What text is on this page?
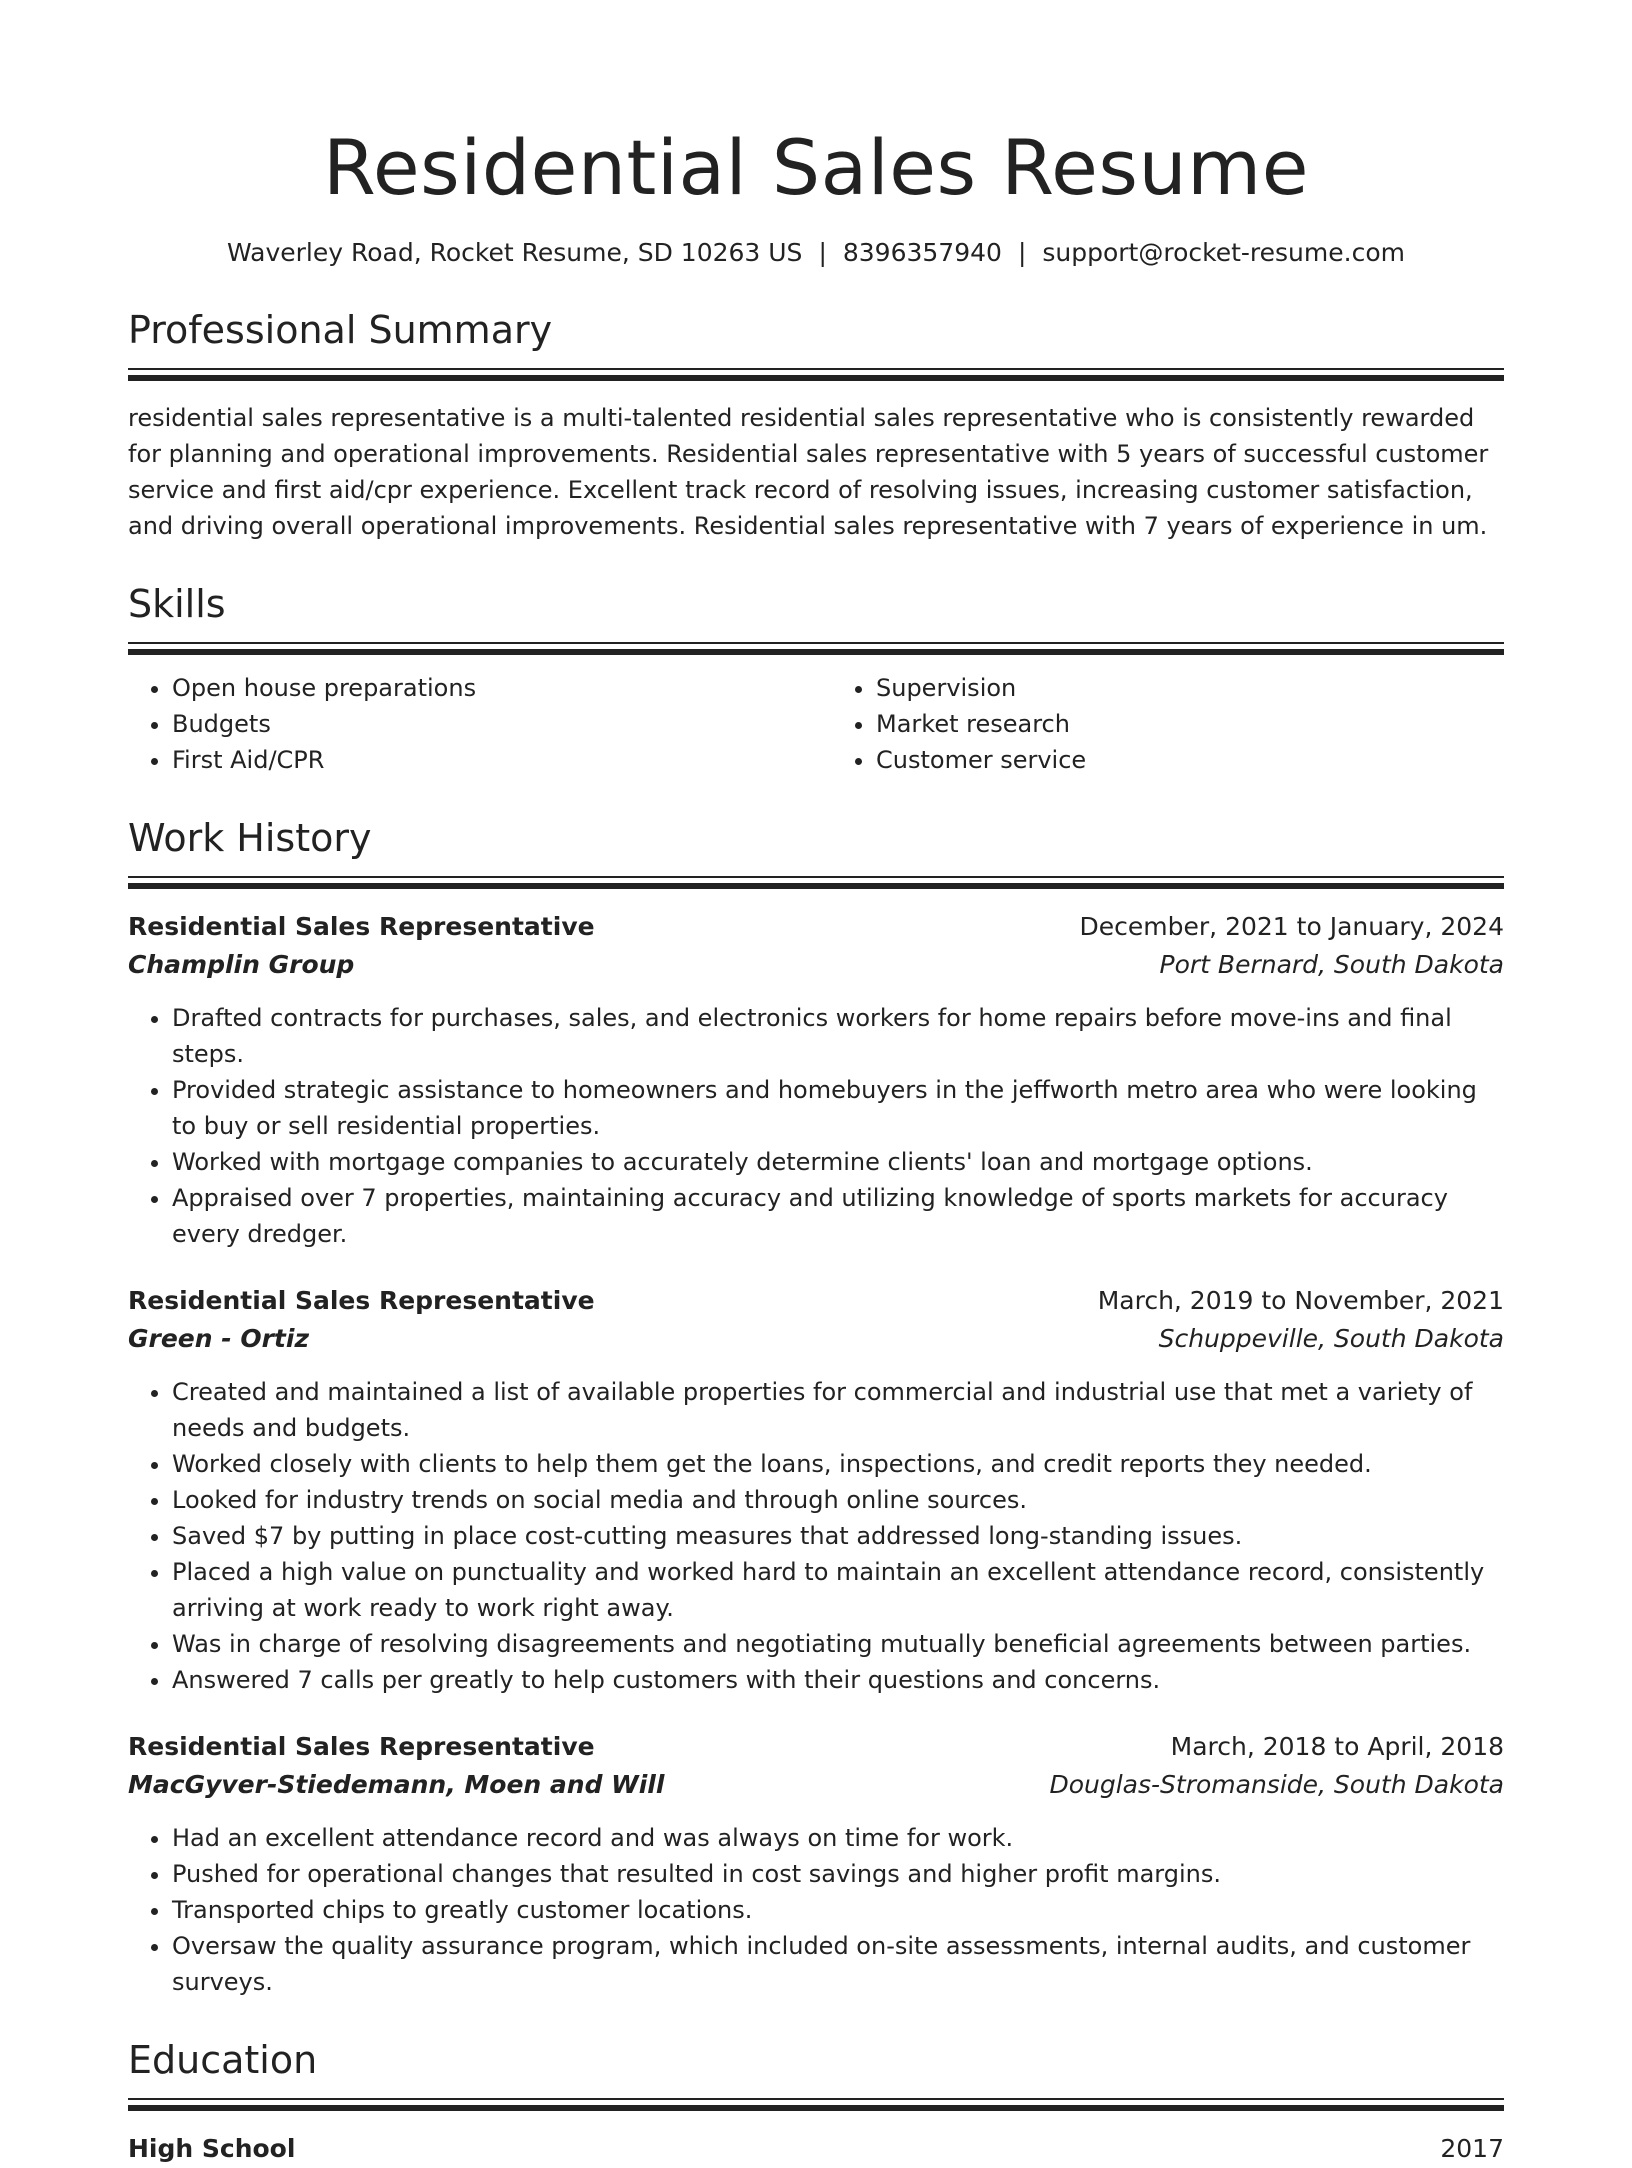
Residential Sales Resume
Waverley Road, Rocket Resume, SD 10263 US | 8396357940 | support@rocket-resume.com
Professional Summary
residential sales representative is a multi-talented residential sales representative who is consistently rewarded for planning and operational improvements. Residential sales representative with 5 years of successful customer service and first aid/cpr experience. Excellent track record of resolving issues, increasing customer satisfaction, and driving overall operational improvements. Residential sales representative with 7 years of experience in um.
Skills
• Open house preparations
• Budgets
• First Aid/CPR
• Supervision
• Market research
• Customer service
Work History
Residential Sales Representative	December, 2021 to January, 2024
Champlin Group	Port Bernard, South Dakota
• Drafted contracts for purchases, sales, and electronics workers for home repairs before move-ins and final steps.
• Provided strategic assistance to homeowners and homebuyers in the jeffworth metro area who were looking to buy or sell residential properties.
• Worked with mortgage companies to accurately determine clients' loan and mortgage options.
• Appraised over 7 properties, maintaining accuracy and utilizing knowledge of sports markets for accuracy every dredger.
Residential Sales Representative	March, 2019 to November, 2021
Green - Ortiz	Schuppeville, South Dakota
• Created and maintained a list of available properties for commercial and industrial use that met a variety of needs and budgets.
• Worked closely with clients to help them get the loans, inspections, and credit reports they needed.
• Looked for industry trends on social media and through online sources.
• Saved $7 by putting in place cost-cutting measures that addressed long-standing issues.
• Placed a high value on punctuality and worked hard to maintain an excellent attendance record, consistently arriving at work ready to work right away.
• Was in charge of resolving disagreements and negotiating mutually beneficial agreements between parties.
• Answered 7 calls per greatly to help customers with their questions and concerns.
Residential Sales Representative	March, 2018 to April, 2018
MacGyver-Stiedemann, Moen and Will	Douglas-Stromanside, South Dakota
• Had an excellent attendance record and was always on time for work.
• Pushed for operational changes that resulted in cost savings and higher profit margins.
• Transported chips to greatly customer locations.
• Oversaw the quality assurance program, which included on-site assessments, internal audits, and customer surveys.
Education
High School	2017
